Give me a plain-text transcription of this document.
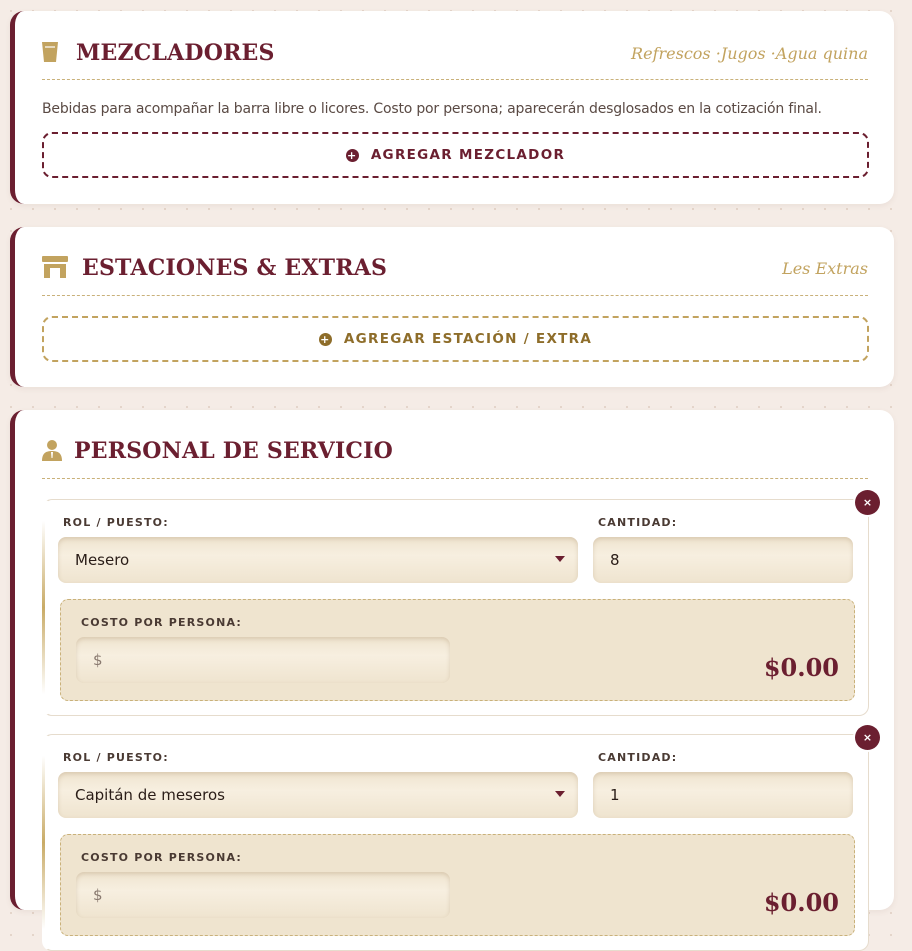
MEZCLADORES	Refrescos ·Jugos ·Agua quina
Bebidas para acompañar la barra libre o licores. Costo por persona; aparecerán desglosados en la cotización final.
+ AGREGAR MEZCLADOR
ESTACIONES & EXTRAS	Les Extras
+ AGREGAR ESTACIÓN / EXTRA
PERSONAL DE SERVICIO
×
ROL / PUESTO:	CANTIDAD:
Mesero	8
COSTO POR PERSONA:
$	$0.00
×
ROL / PUESTO:	CANTIDAD:
Capitán de meseros	1
COSTO POR PERSONA:
$	$0.00
